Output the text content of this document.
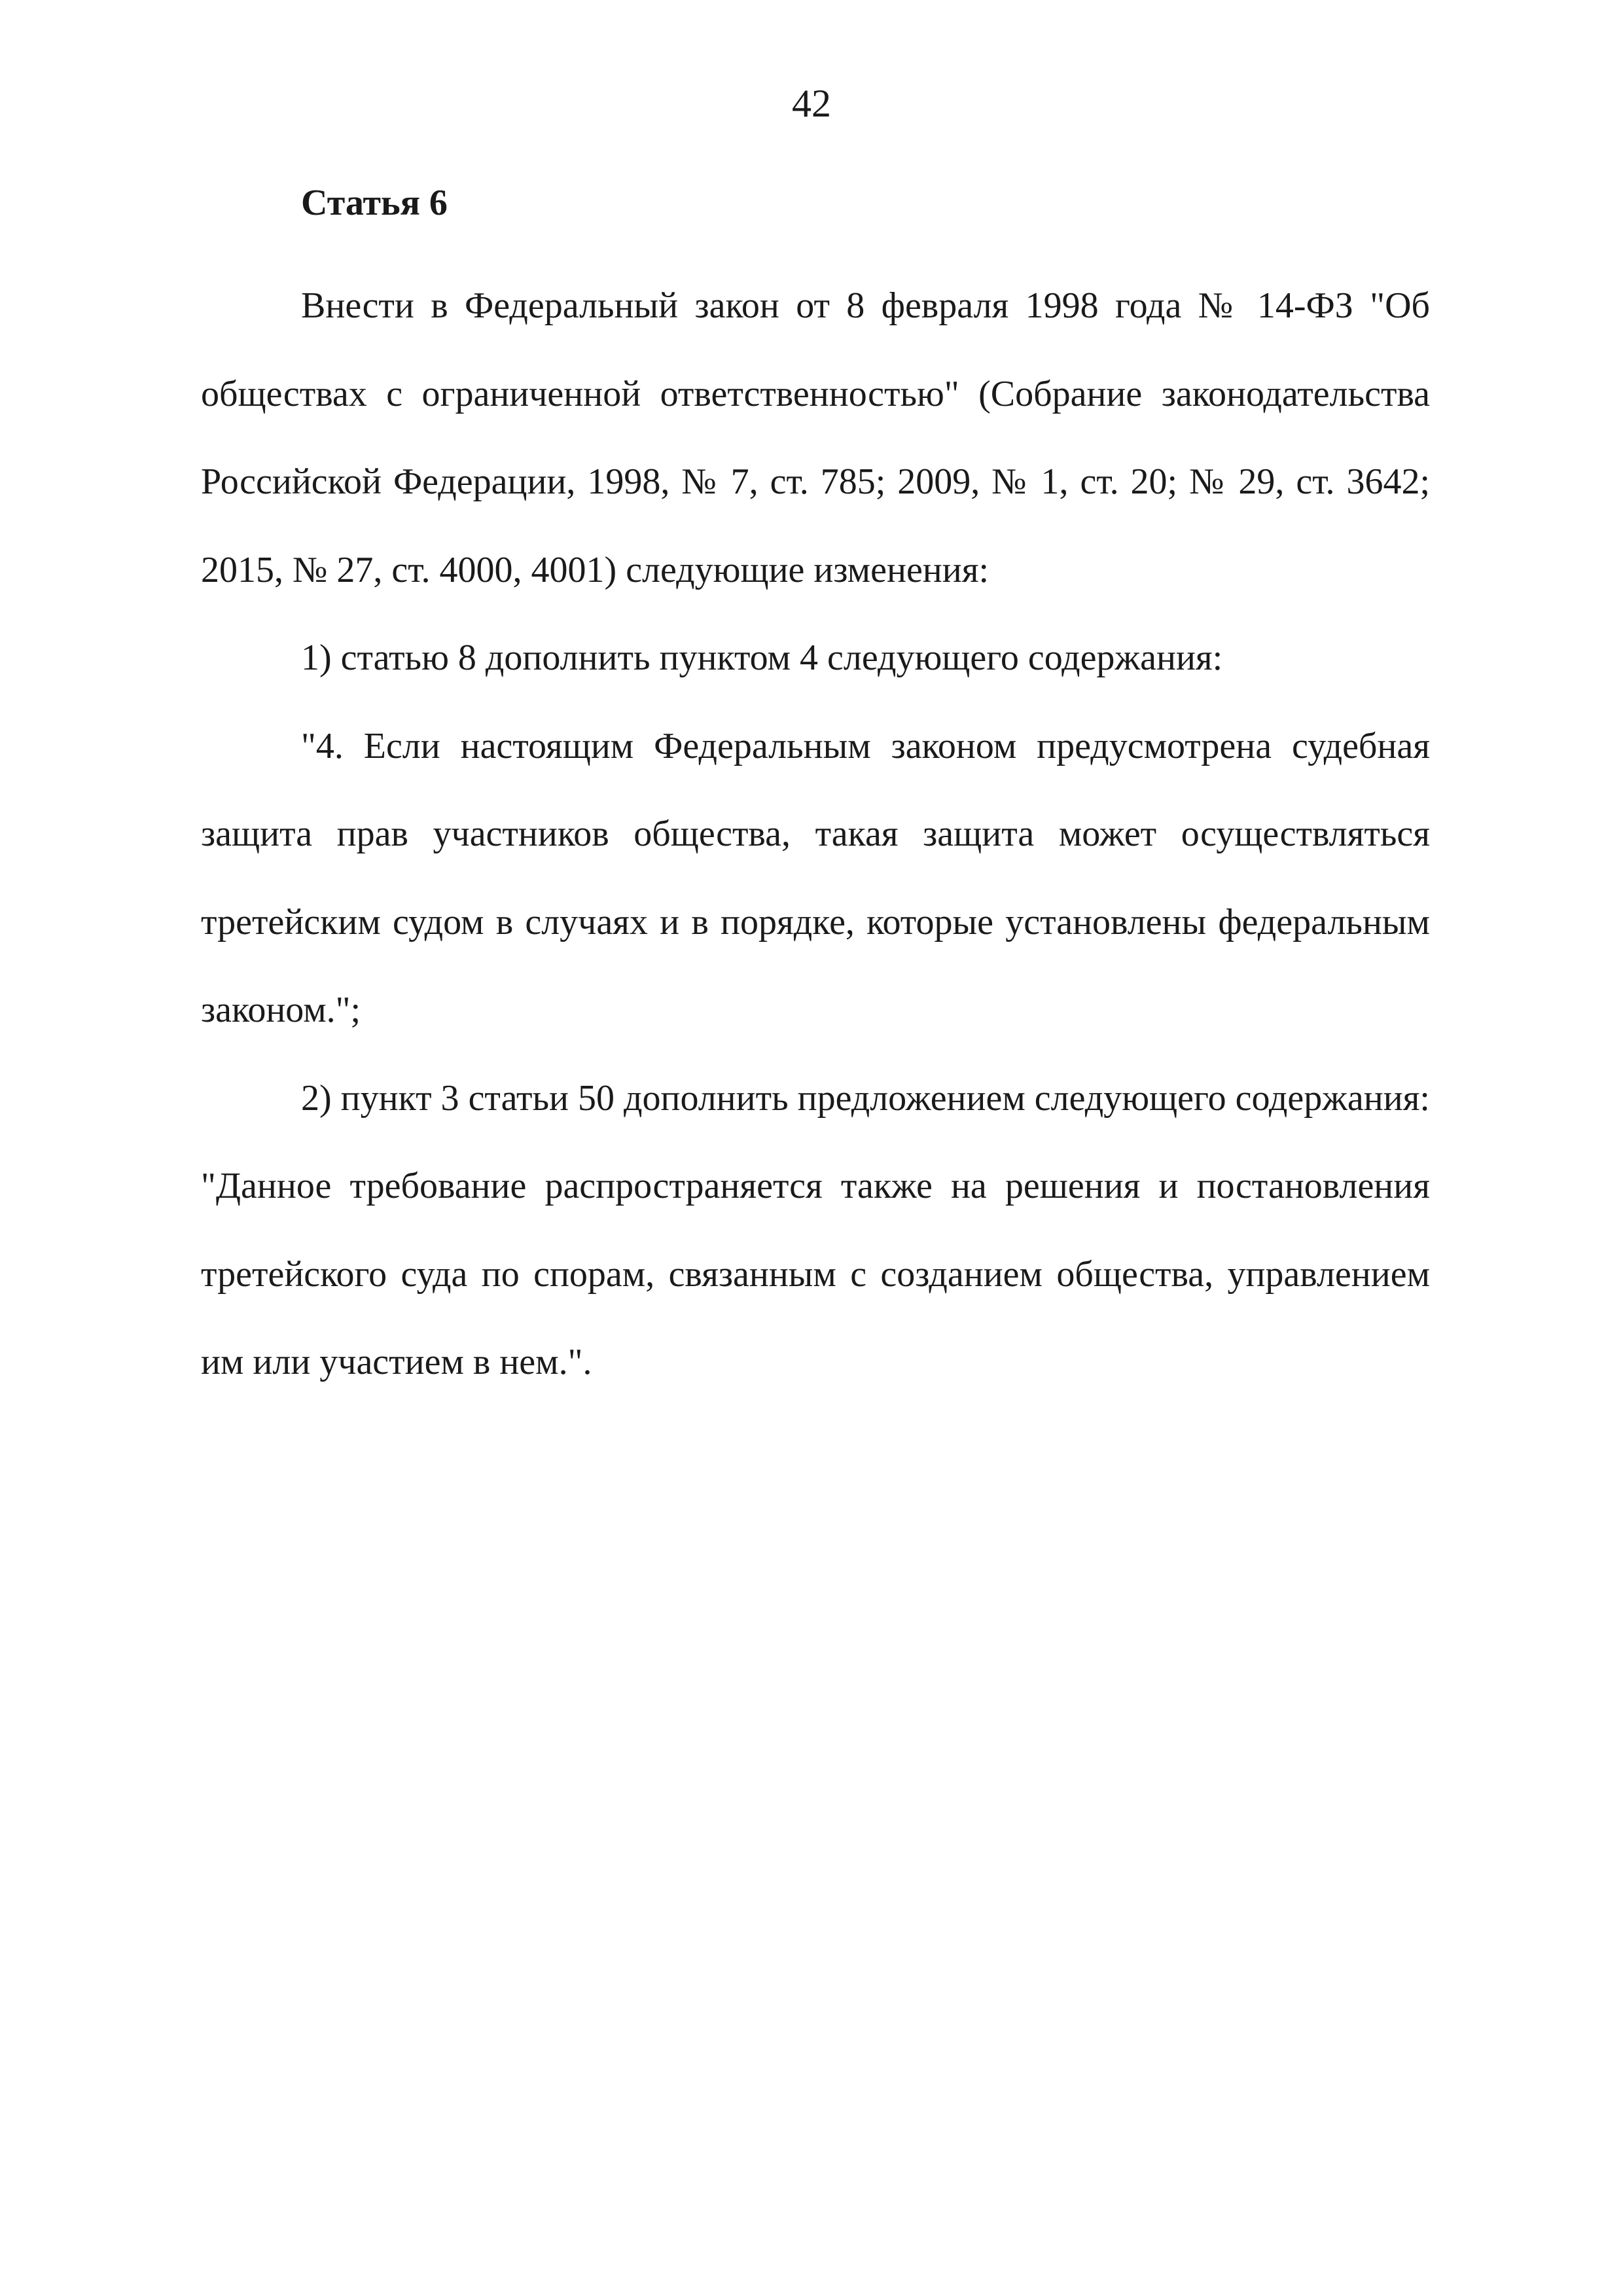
42
Статья 6

Внести в Федеральный закон от 8 февраля 1998 года № 14-ФЗ "Об обществах с ограниченной ответственностью" (Собрание законодательства Российской Федерации, 1998, № 7, ст. 785; 2009, № 1, ст. 20; № 29, ст. 3642; 2015, № 27, ст. 4000, 4001) следующие изменения:

1) статью 8 дополнить пунктом 4 следующего содержания:

"4. Если настоящим Федеральным законом предусмотрена судебная защита прав участников общества, такая защита может осуществляться третейским судом в случаях и в порядке, которые установлены федеральным законом.";

2) пункт 3 статьи 50 дополнить предложением следующего содержания: "Данное требование распространяется также на решения и постановления третейского суда по спорам, связанным с созданием общества, управлением им или участием в нем.".
